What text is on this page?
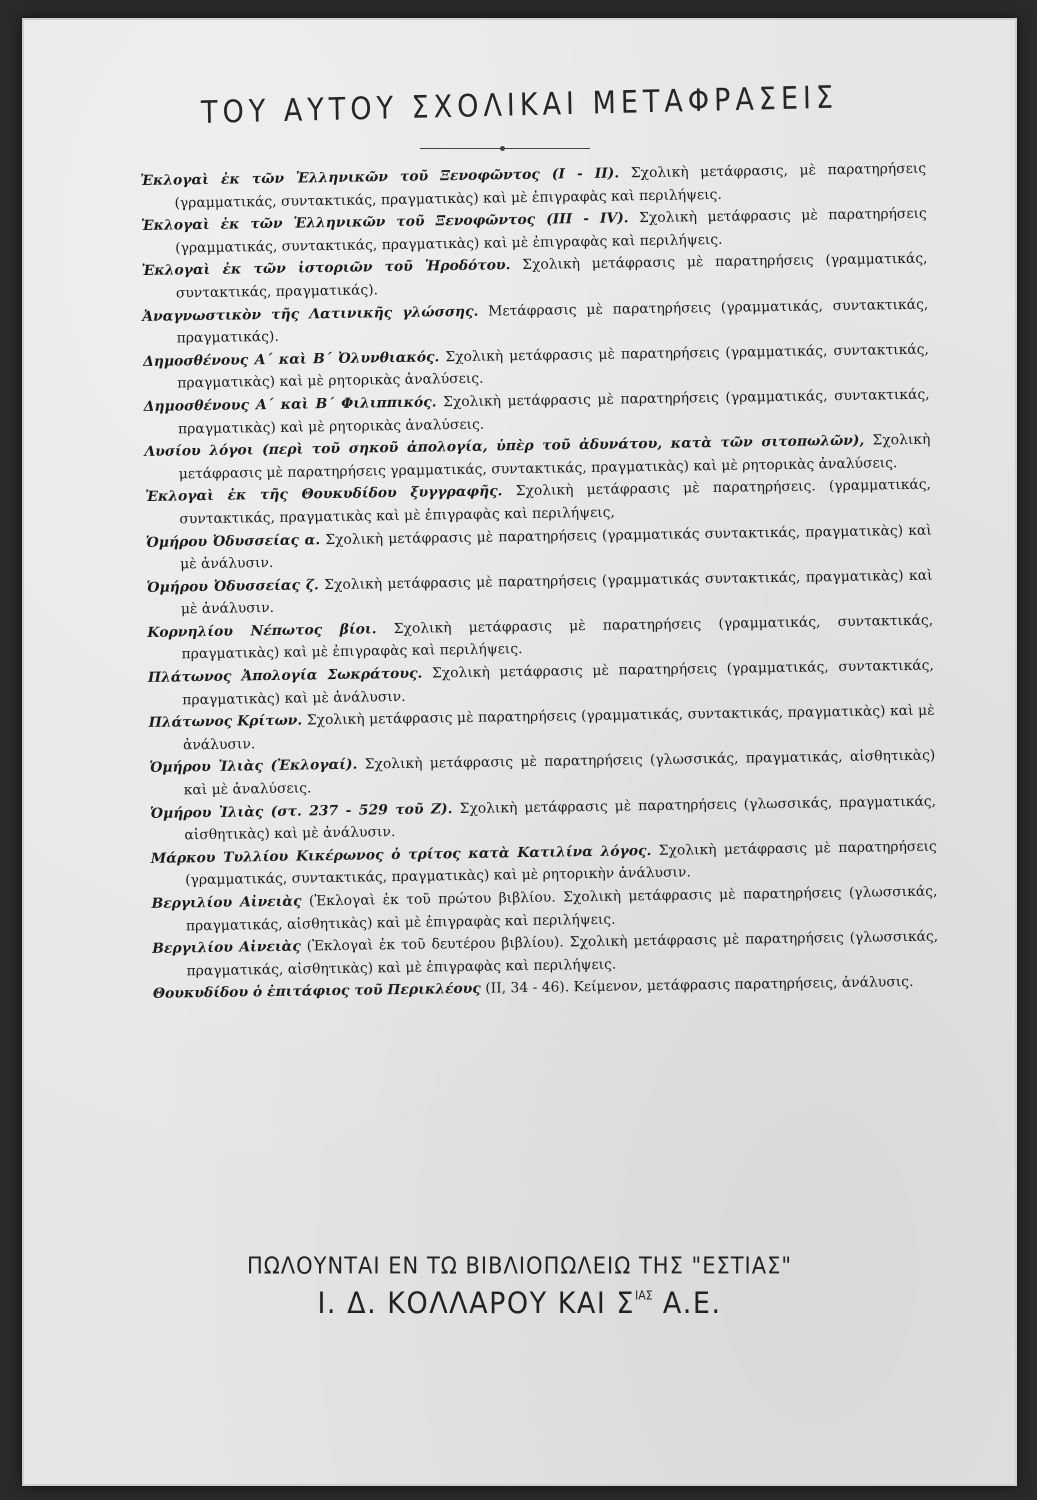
ΤΟΥ ΑΥΤΟΥ ΣΧΟΛΙΚΑΙ ΜΕΤΑΦΡΑΣΕΙΣ

Ἐκλογαὶ ἐκ τῶν Ἑλληνικῶν τοῦ Ξενοφῶντος (Ι - ΙΙ). Σχολικὴ μετάφρασις, μὲ παρατηρήσεις (γραμματικάς, συντακτικάς, πραγματικὰς) καὶ μὲ ἐπιγραφὰς καὶ περιλήψεις.

Ἐκλογαὶ ἐκ τῶν Ἑλληνικῶν τοῦ Ξενοφῶντος (ΙΙΙ - ΙV). Σχολικὴ μετάφρασις μὲ παρατηρήσεις (γραμματικάς, συντακτικάς, πραγματικὰς) καὶ μὲ ἐπιγραφὰς καὶ περιλήψεις.

Ἐκλογαὶ ἐκ τῶν ἱστοριῶν τοῦ Ἡροδότου. Σχολικὴ μετάφρασις μὲ παρατηρήσεις (γραμματικάς, συντακτικάς, πραγματικάς).

Ἀναγνωστικὸν τῆς Λατινικῆς γλώσσης. Μετάφρασις μὲ παρατηρήσεις (γραμματικάς, συντακτικάς, πραγματικάς).

Δημοσθένους Α΄ καὶ Β΄ Ὀλυνθιακός. Σχολικὴ μετάφρασις μὲ παρατηρήσεις (γραμματικάς, συντακτικάς, πραγματικὰς) καὶ μὲ ρητορικὰς ἀναλύσεις.

Δημοσθένους Α΄ καὶ Β΄ Φιλιππικός. Σχολικὴ μετάφρασις μὲ παρατηρήσεις (γραμματικάς, συντακτικάς, πραγματικὰς) καὶ μὲ ρητορικὰς ἀναλύσεις.

Λυσίου λόγοι (περὶ τοῦ σηκοῦ ἀπολογία, ὑπὲρ τοῦ ἀδυνάτου, κατὰ τῶν σιτοπωλῶν), Σχολικὴ μετάφρασις μὲ παρατηρήσεις γραμματικάς, συντακτικάς, πραγματικὰς) καὶ μὲ ρητορικὰς ἀναλύσεις.

Ἐκλογαὶ ἐκ τῆς Θουκυδίδου ξυγγραφῆς. Σχολικὴ μετάφρασις μὲ παρατηρήσεις. (γραμματικάς, συντακτικάς, πραγματικὰς καὶ μὲ ἐπιγραφὰς καὶ περιλήψεις,

Ὁμήρου Ὀδυσσείας α. Σχολικὴ μετάφρασις μὲ παρατηρήσεις (γραμματικάς συντακτικάς, πραγματικὰς) καὶ μὲ ἀνάλυσιν.

Ὁμήρου Ὀδυσσείας ζ. Σχολικὴ μετάφρασις μὲ παρατηρήσεις (γραμματικάς συντακτικάς, πραγματικὰς) καὶ μὲ ἀνάλυσιν.

Κορνηλίου Νέπωτος βίοι. Σχολικὴ μετάφρασις μὲ παρατηρήσεις (γραμματικάς, συντακτικάς, πραγματικὰς) καὶ μὲ ἐπιγραφὰς καὶ περιλήψεις.

Πλάτωνος Ἀπολογία Σωκράτους. Σχολικὴ μετάφρασις μὲ παρατηρήσεις (γραμματικάς, συντακτικάς, πραγματικὰς) καὶ μὲ ἀνάλυσιν.

Πλάτωνος Κρίτων. Σχολικὴ μετάφρασις μὲ παρατηρήσεις (γραμματικάς, συντακτικάς, πραγματικὰς) καὶ μὲ ἀνάλυσιν.

Ὁμήρου Ἰλιὰς (Ἐκλογαί). Σχολικὴ μετάφρασις μὲ παρατηρήσεις (γλωσσικάς, πραγματικάς, αἰσθητικὰς) καὶ μὲ ἀναλύσεις.

Ὁμήρου Ἰλιὰς (στ. 237 - 529 τοῦ Ζ). Σχολικὴ μετάφρασις μὲ παρατηρήσεις (γλωσσικάς, πραγματικάς, αἰσθητικὰς) καὶ μὲ ἀνάλυσιν.

Μάρκου Τυλλίου Κικέρωνος ὁ τρίτος κατὰ Κατιλίνα λόγος. Σχολικὴ μετάφρασις μὲ παρατηρήσεις (γραμματικάς, συντακτικάς, πραγματικὰς) καὶ μὲ ρητορικὴν ἀνάλυσιν.

Βεργιλίου Αἰνειὰς (Ἐκλογαὶ ἐκ τοῦ πρώτου βιβλίου. Σχολικὴ μετάφρασις μὲ παρατηρήσεις (γλωσσικάς, πραγματικάς, αἰσθητικὰς) καὶ μὲ ἐπιγραφὰς καὶ περιλήψεις.

Βεργιλίου Αἰνειὰς (Ἐκλογαὶ ἐκ τοῦ δευτέρου βιβλίου). Σχολικὴ μετάφρασις μὲ παρατηρήσεις (γλωσσικάς, πραγματικάς, αἰσθητικὰς) καὶ μὲ ἐπιγραφὰς καὶ περιλήψεις.

Θουκυδίδου ὁ ἐπιτάφιος τοῦ Περικλέους (ΙΙ, 34 - 46). Κείμενον, μετάφρασις παρατηρήσεις, ἀνάλυσις.

ΠΩΛΟΥΝΤΑΙ ΕΝ ΤΩ ΒΙΒΛΙΟΠΩΛΕΙΩ ΤΗΣ "ΕΣΤΙΑΣ"
Ι. Δ. ΚΟΛΛΑΡΟΥ ΚΑΙ $\Sigma^{IA\Sigma}$ Α.Ε.
